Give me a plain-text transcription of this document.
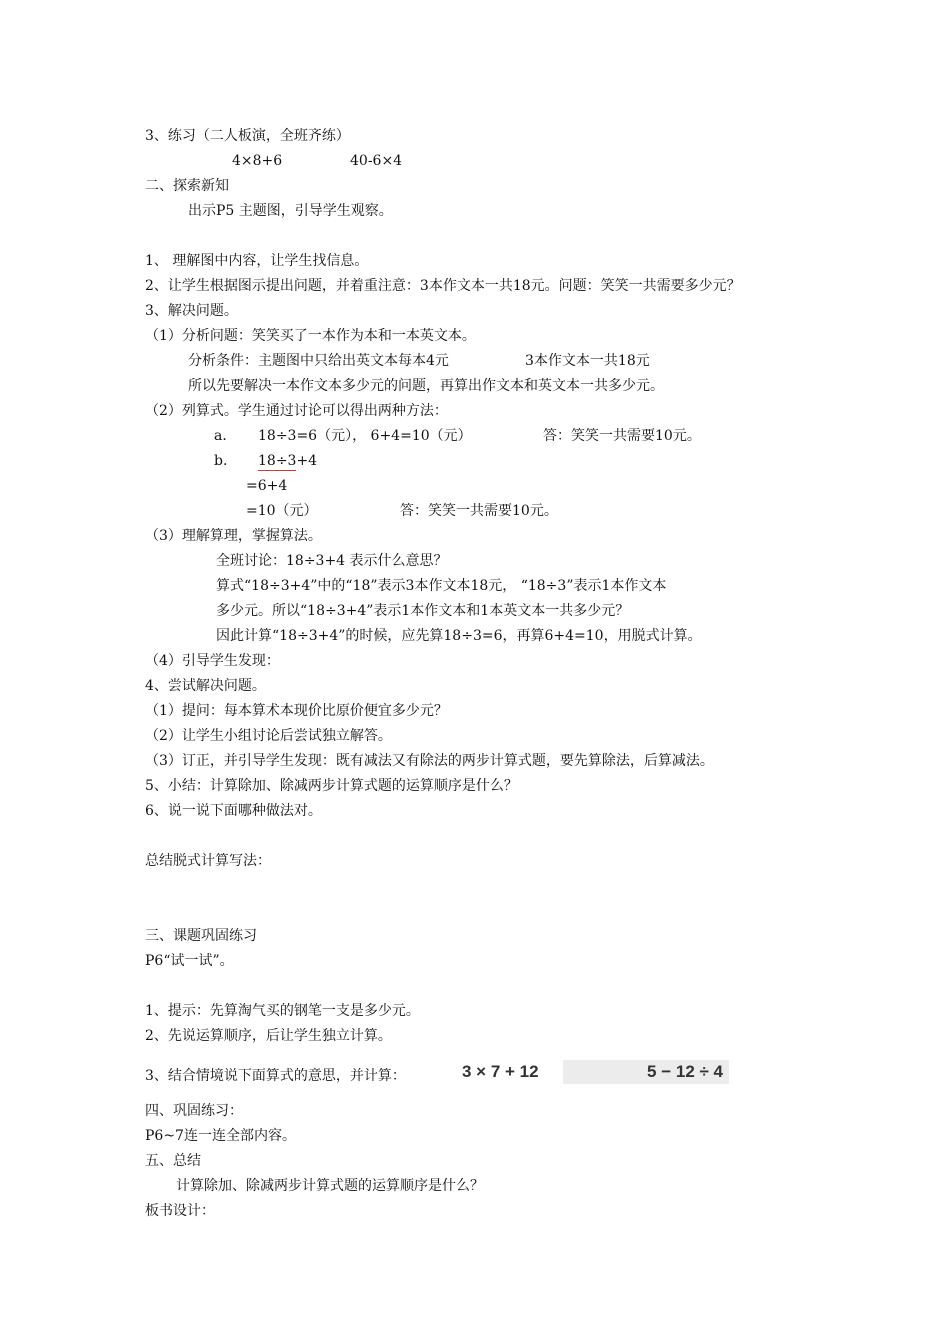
3、练习（二人板演，全班齐练）
4×8+6	40-6×4
二、探索新知
出示P5 主题图，引导学生观察。
1、 理解图中内容，让学生找信息。
2、让学生根据图示提出问题，并着重注意：3本作文本一共18元。问题：笑笑一共需要多少元？
3、解决问题。
（1）分析问题：笑笑买了一本作为本和一本英文本。
分析条件：主题图中只给出英文本每本4元	3本作文本一共18元
所以先要解决一本作文本多少元的问题，再算出作文本和英文本一共多少元。
（2）列算式。学生通过讨论可以得出两种方法：
a． 18÷3=6（元）， 6+4=10（元）	答：笑笑一共需要10元。
b． 18÷3+4
=6+4
=10（元）	答：笑笑一共需要10元。
（3）理解算理，掌握算法。
全班讨论：18÷3+4 表示什么意思？
算式“18÷3+4”中的“18”表示3本作文本18元， “18÷3”表示1本作文本
多少元。所以“18÷3+4”表示1本作文本和1本英文本一共多少元？
因此计算“18÷3+4”的时候，应先算18÷3=6，再算6+4=10，用脱式计算。
（4）引导学生发现：
4、尝试解决问题。
（1）提问：每本算术本现价比原价便宜多少元？
（2）让学生小组讨论后尝试独立解答。
（3）订正，并引导学生发现：既有减法又有除法的两步计算式题，要先算除法，后算减法。
5、小结：计算除加、除减两步计算式题的运算顺序是什么？
6、说一说下面哪种做法对。
总结脱式计算写法：
三、课题巩固练习
P6“试一试”。
1、提示：先算淘气买的钢笔一支是多少元。
2、先说运算顺序，后让学生独立计算。
3、结合情境说下面算式的意思，并计算：	3 × 7 + 12	5 − 12 ÷ 4
四、巩固练习：
P6~7连一连全部内容。
五、总结
计算除加、除减两步计算式题的运算顺序是什么？
板书设计：
